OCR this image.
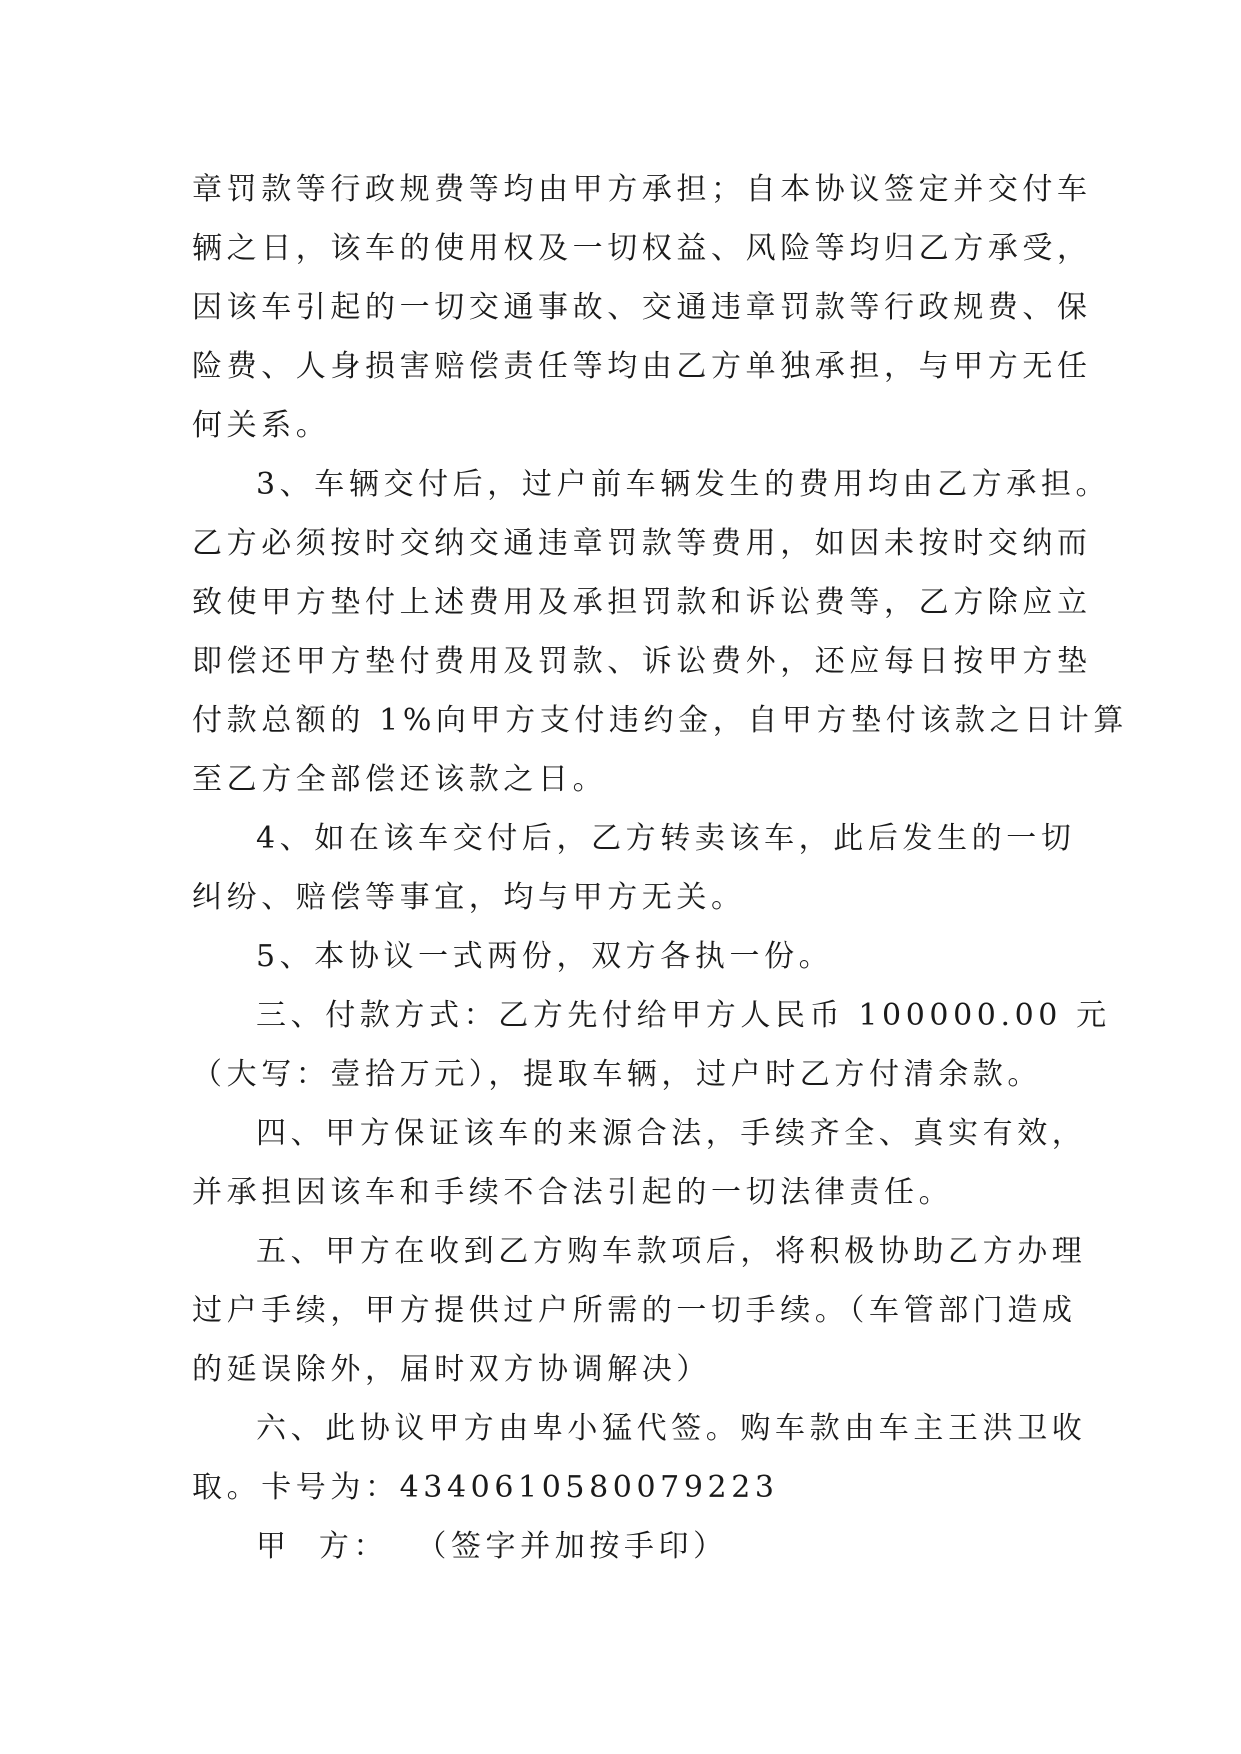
章罚款等行政规费等均由甲方承担；自本协议签定并交付车
辆之日，该车的使用权及一切权益、风险等均归乙方承受，
因该车引起的一切交通事故、交通违章罚款等行政规费、保
险费、人身损害赔偿责任等均由乙方单独承担，与甲方无任
何关系。
3、车辆交付后，过户前车辆发生的费用均由乙方承担。
乙方必须按时交纳交通违章罚款等费用，如因未按时交纳而
致使甲方垫付上述费用及承担罚款和诉讼费等，乙方除应立
即偿还甲方垫付费用及罚款、诉讼费外，还应每日按甲方垫
付款总额的 1%向甲方支付违约金，自甲方垫付该款之日计算
至乙方全部偿还该款之日。
4、如在该车交付后，乙方转卖该车，此后发生的一切
纠纷、赔偿等事宜，均与甲方无关。
5、本协议一式两份，双方各执一份。
三、付款方式：乙方先付给甲方人民币 100000.00 元
（大写：壹拾万元），提取车辆，过户时乙方付清余款。
四、甲方保证该车的来源合法，手续齐全、真实有效，
并承担因该车和手续不合法引起的一切法律责任。
五、甲方在收到乙方购车款项后，将积极协助乙方办理
过户手续，甲方提供过户所需的一切手续。（车管部门造成
的延误除外，届时双方协调解决）
六、此协议甲方由卑小猛代签。购车款由车主王洪卫收
取。卡号为：4340610580079223
甲  方：  （签字并加按手印）
